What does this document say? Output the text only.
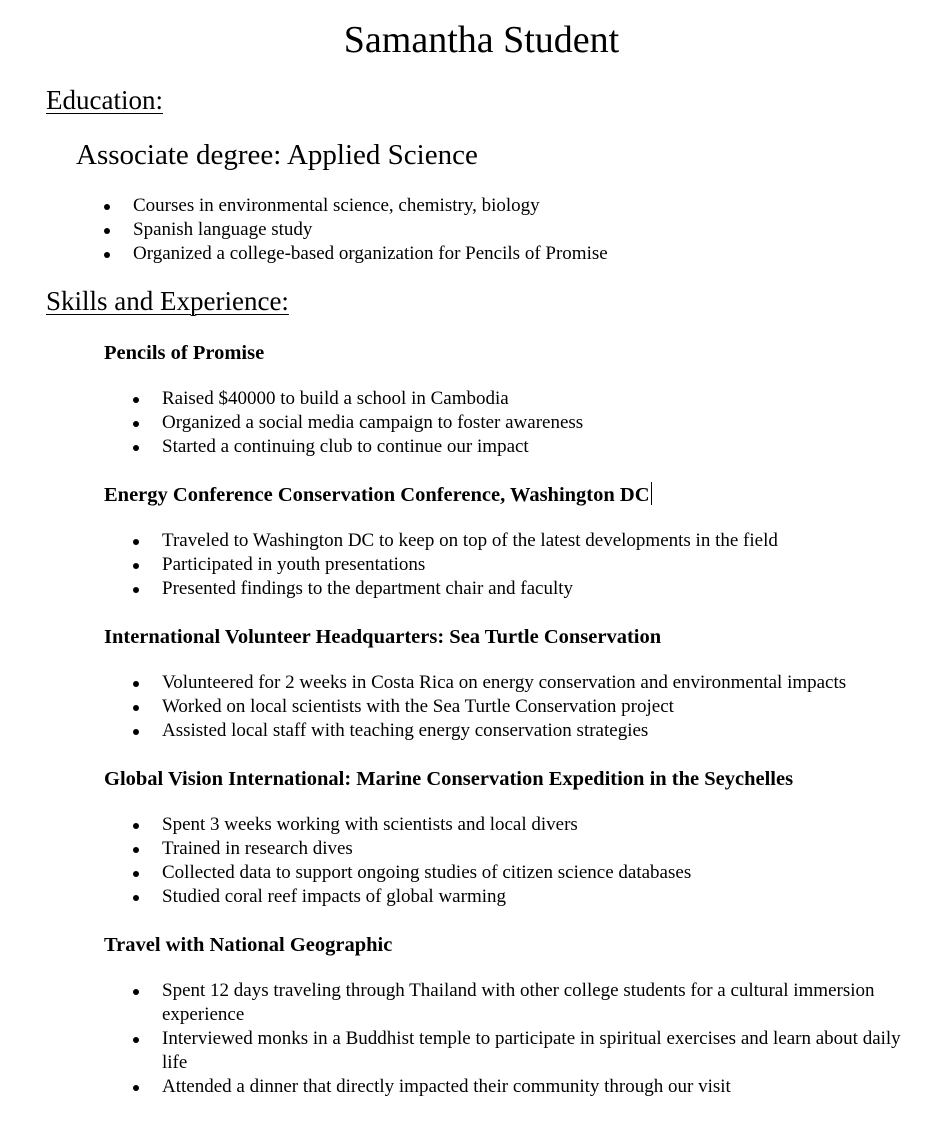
Samantha Student
Education:
Associate degree: Applied Science
Courses in environmental science, chemistry, biology
Spanish language study
Organized a college-based organization for Pencils of Promise
Skills and Experience:
Pencils of Promise
Raised $40000 to build a school in Cambodia
Organized a social media campaign to foster awareness
Started a continuing club to continue our impact
Energy Conference Conservation Conference, Washington DC
Traveled to Washington DC to keep on top of the latest developments in the field
Participated in youth presentations
Presented findings to the department chair and faculty
International Volunteer Headquarters: Sea Turtle Conservation
Volunteered for 2 weeks in Costa Rica on energy conservation and environmental impacts
Worked on local scientists with the Sea Turtle Conservation project
Assisted local staff with teaching energy conservation strategies
Global Vision International: Marine Conservation Expedition in the Seychelles
Spent 3 weeks working with scientists and local divers
Trained in research dives
Collected data to support ongoing studies of citizen science databases
Studied coral reef impacts of global warming
Travel with National Geographic
Spent 12 days traveling through Thailand with other college students for a cultural immersion experience
Interviewed monks in a Buddhist temple to participate in spiritual exercises and learn about daily life
Attended a dinner that directly impacted their community through our visit
